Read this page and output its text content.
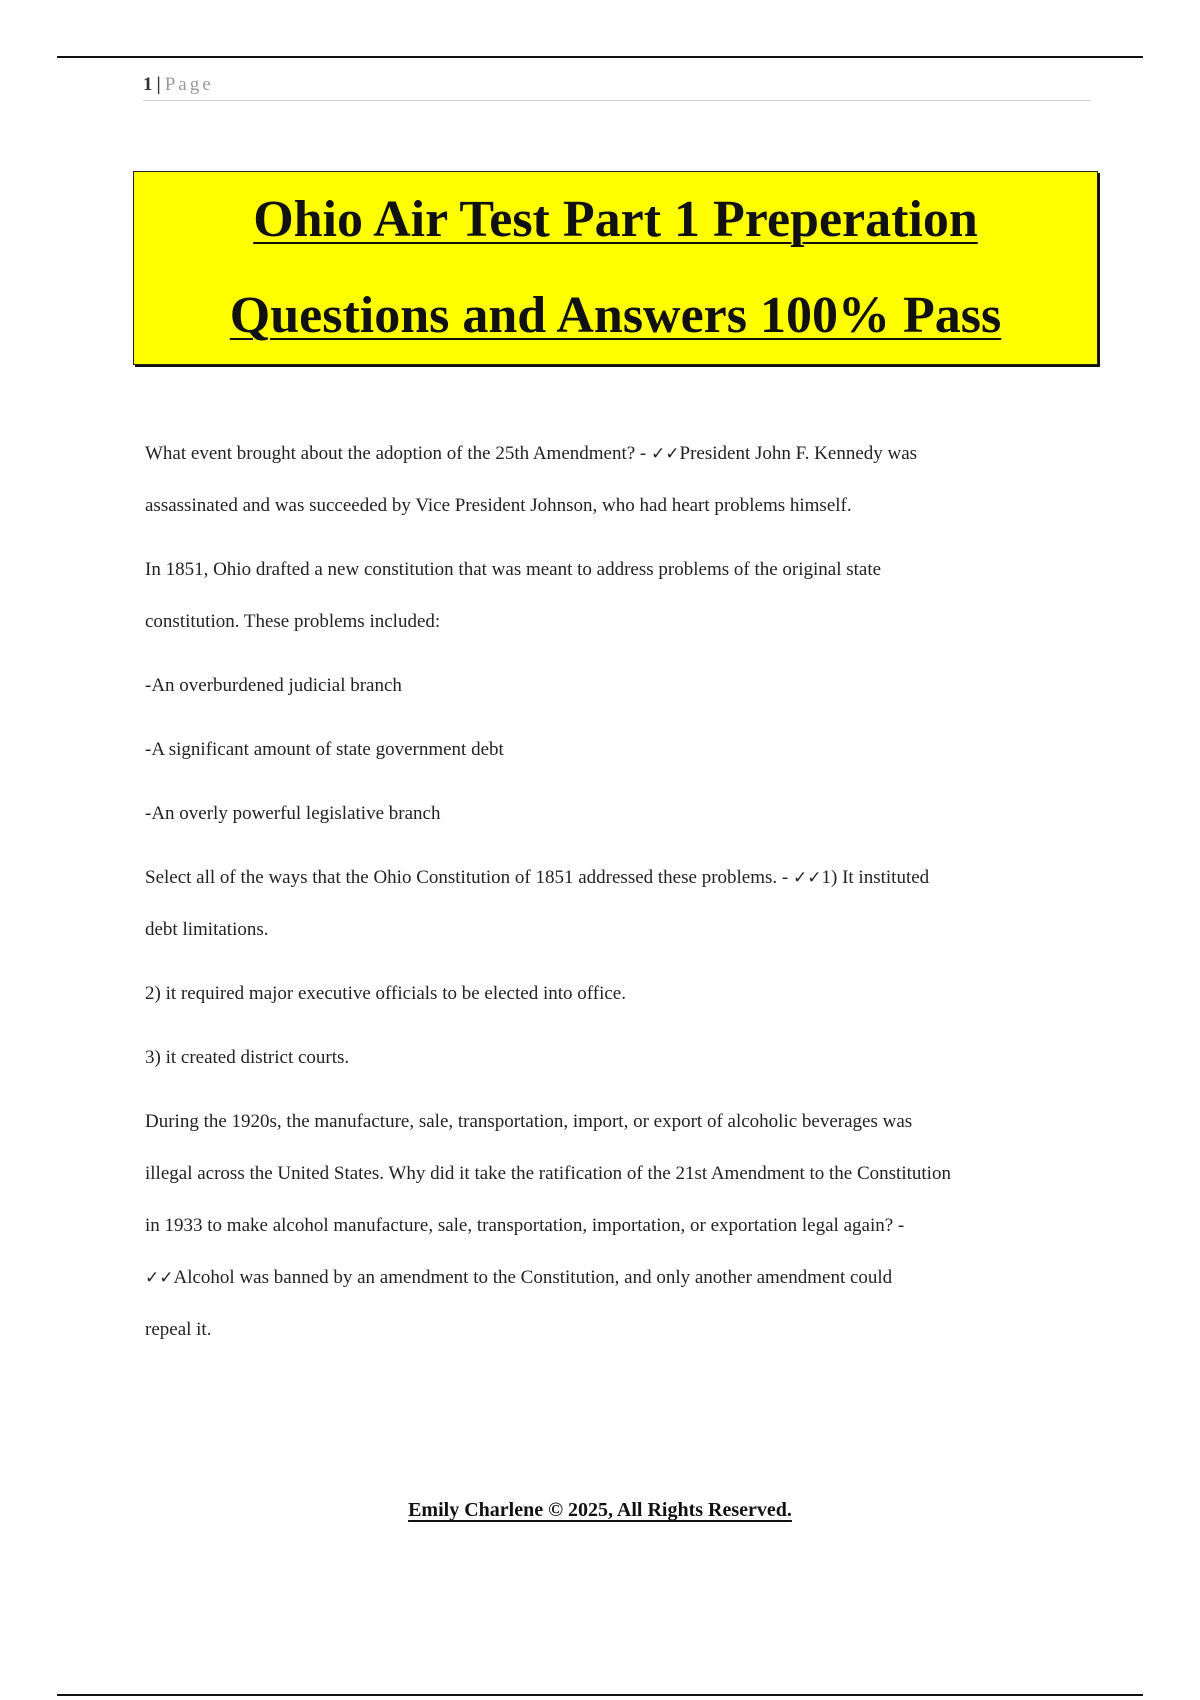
1 | Page
Ohio Air Test Part 1 Preperation
Questions and Answers 100% Pass

What event brought about the adoption of the 25th Amendment? - ✓✓President John F. Kennedy was

assassinated and was succeeded by Vice President Johnson, who had heart problems himself.

In 1851, Ohio drafted a new constitution that was meant to address problems of the original state

constitution. These problems included:

-An overburdened judicial branch

-A significant amount of state government debt

-An overly powerful legislative branch

Select all of the ways that the Ohio Constitution of 1851 addressed these problems. - ✓✓1) It instituted

debt limitations.

2) it required major executive officials to be elected into office.

3) it created district courts.

During the 1920s, the manufacture, sale, transportation, import, or export of alcoholic beverages was

illegal across the United States. Why did it take the ratification of the 21st Amendment to the Constitution

in 1933 to make alcohol manufacture, sale, transportation, importation, or exportation legal again? -

✓✓Alcohol was banned by an amendment to the Constitution, and only another amendment could

repeal it.

Emily Charlene © 2025, All Rights Reserved.
